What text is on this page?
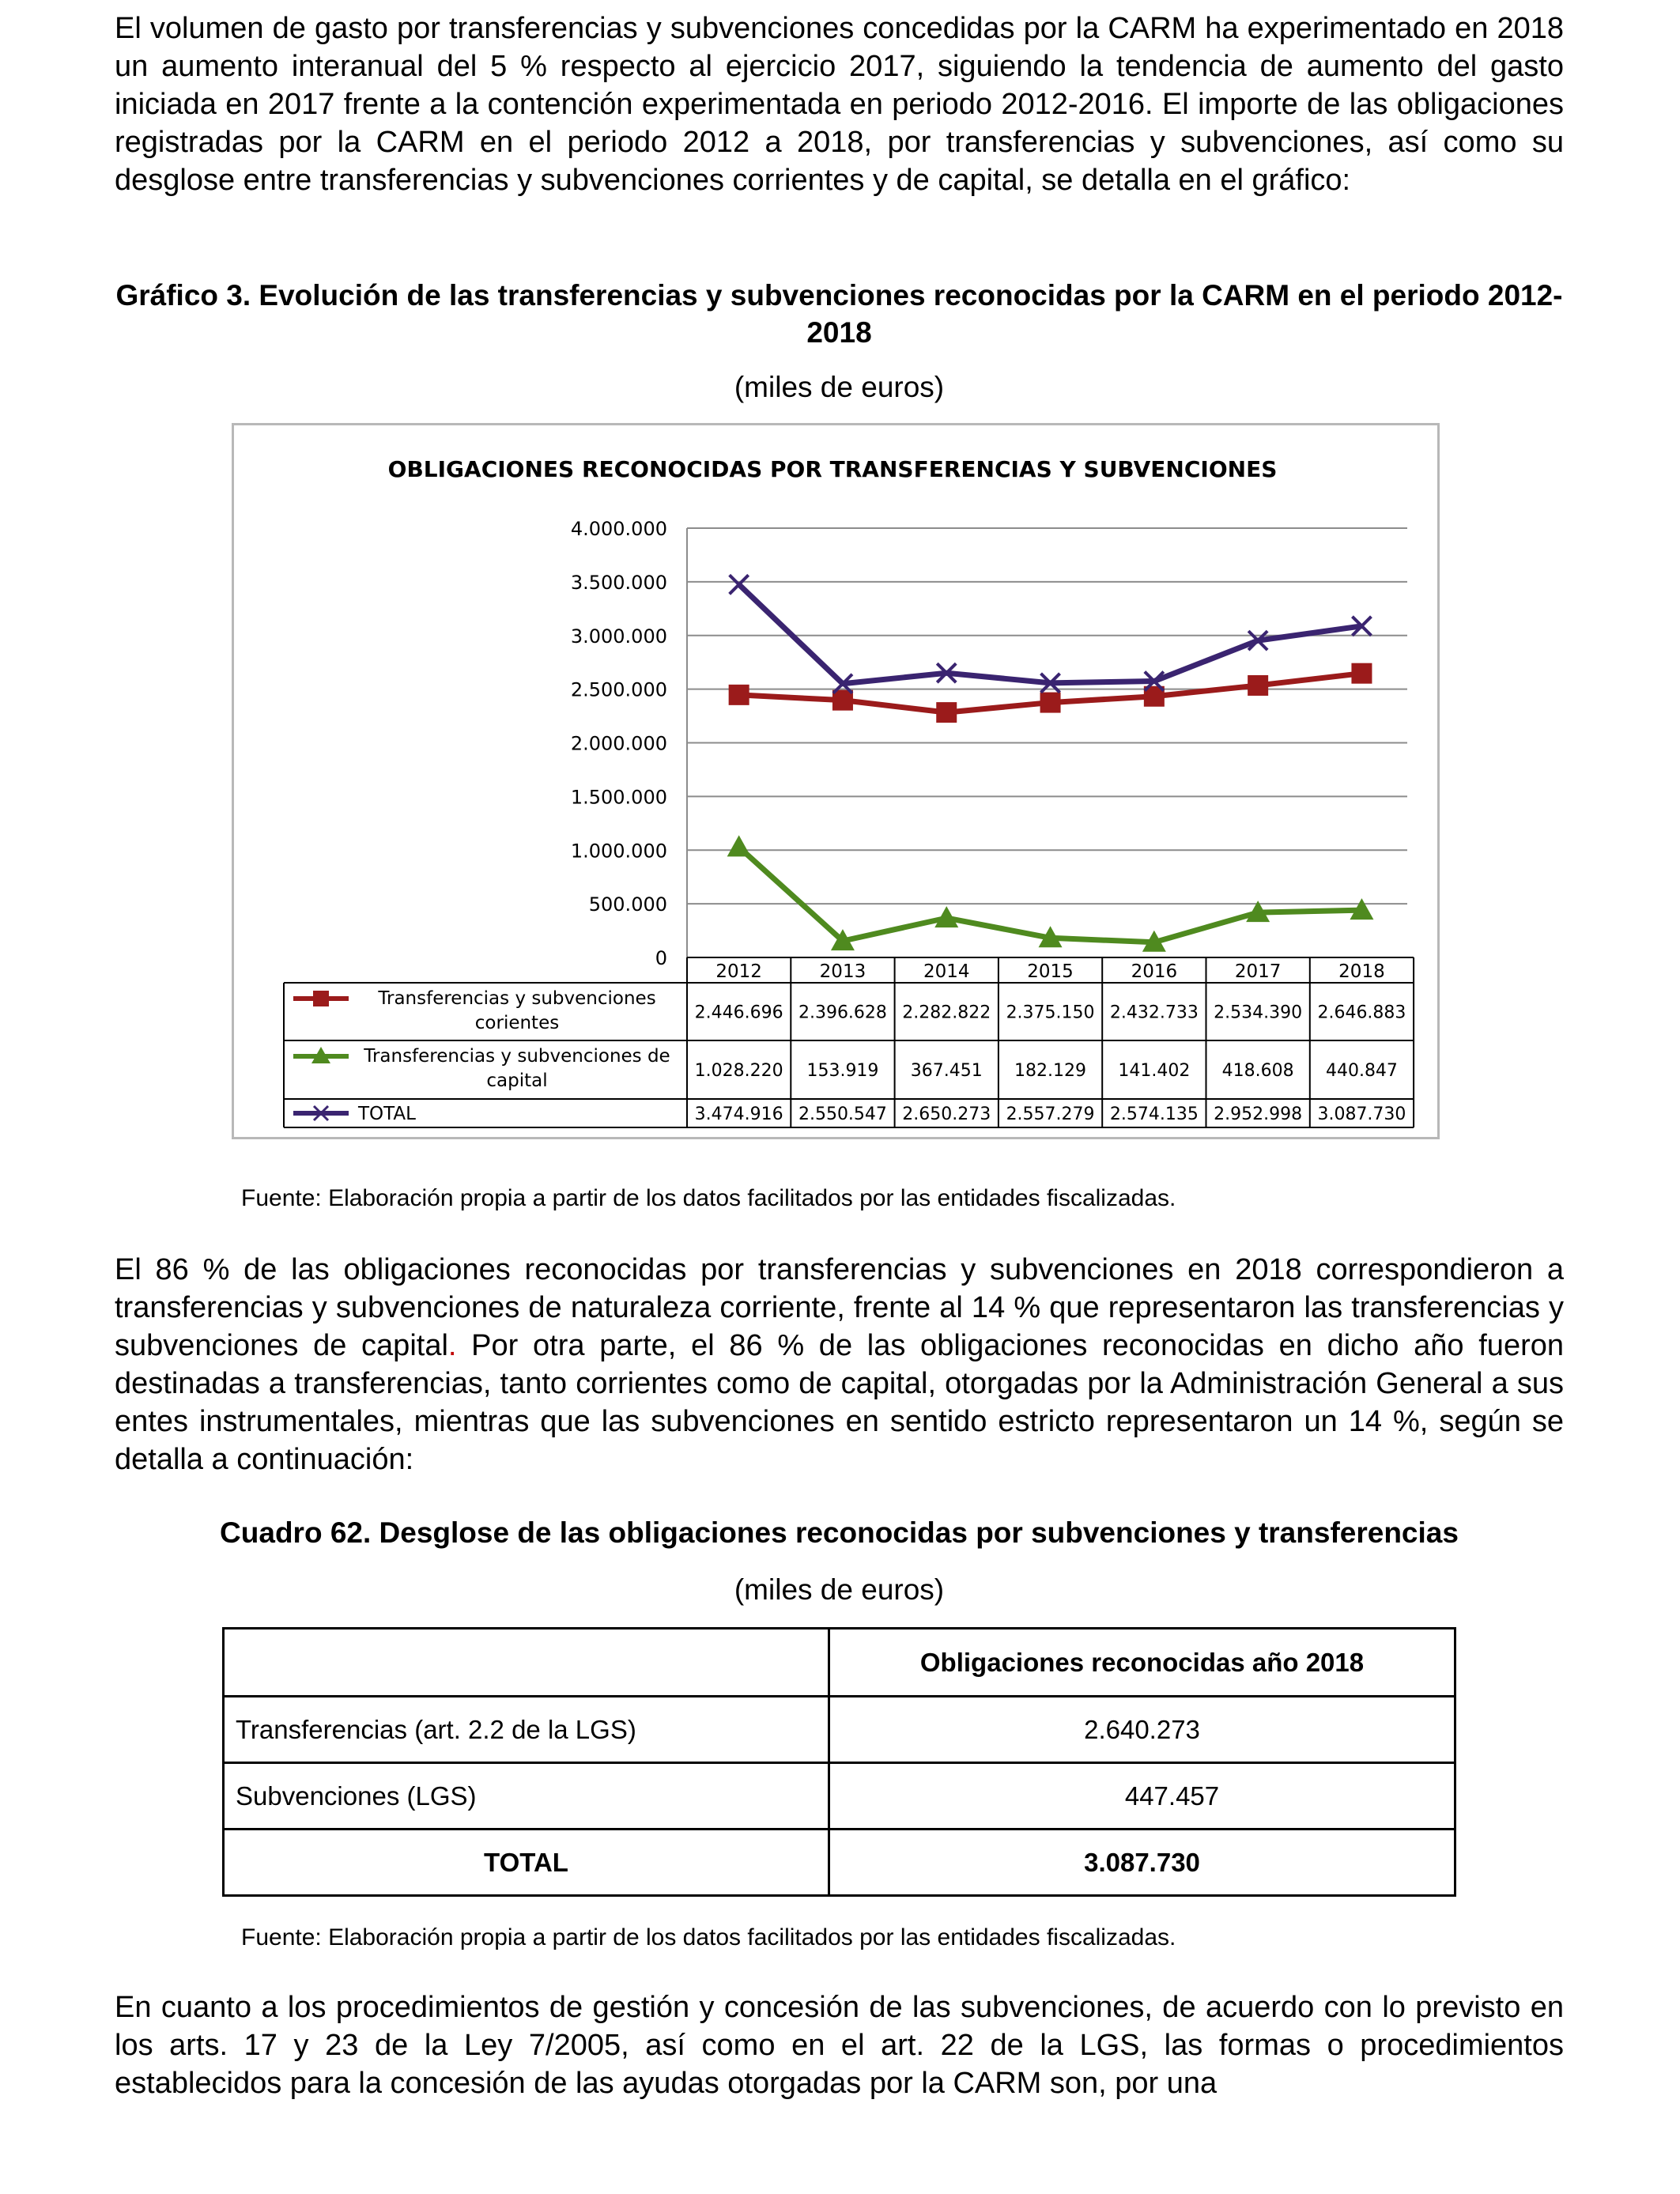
El volumen de gasto por transferencias y subvenciones concedidas por la CARM ha experimentado en 2018 un aumento interanual del 5 % respecto al ejercicio 2017, siguiendo la tendencia de aumento del gasto iniciada en 2017 frente a la contención experimentada en periodo 2012-2016. El importe de las obligaciones registradas por la CARM en el periodo 2012 a 2018, por transferencias y subvenciones, así como su desglose entre transferencias y subvenciones corrientes y de capital, se detalla en el gráfico:

Gráfico 3. Evolución de las transferencias y subvenciones reconocidas por la CARM en el periodo 2012-2018

(miles de euros)

OBLIGACIONES RECONOCIDAS POR TRANSFERENCIAS Y SUBVENCIONES
0
500.000
1.000.000
1.500.000
2.000.000
2.500.000
3.000.000
3.500.000
4.000.000
2012	2013	2014	2015	2016	2017	2018
Transferencias y subvenciones
corientes	2.446.696 2.396.628 2.282.822 2.375.150 2.432.733 2.534.390 2.646.883
Transferencias y subvenciones de
capital	1.028.220 153.919 367.451 182.129 141.402 418.608 440.847
TOTAL	3.474.916 2.550.547 2.650.273 2.557.279 2.574.135 2.952.998 3.087.730

Fuente: Elaboración propia a partir de los datos facilitados por las entidades fiscalizadas.

El 86 % de las obligaciones reconocidas por transferencias y subvenciones en 2018 correspondieron a transferencias y subvenciones de naturaleza corriente, frente al 14 % que representaron las transferencias y subvenciones de capital. Por otra parte, el 86 % de las obligaciones reconocidas en dicho año fueron destinadas a transferencias, tanto corrientes como de capital, otorgadas por la Administración General a sus entes instrumentales, mientras que las subvenciones en sentido estricto representaron un 14 %, según se detalla a continuación:

Cuadro 62. Desglose de las obligaciones reconocidas por subvenciones y transferencias

(miles de euros)

	Obligaciones reconocidas año 2018
Transferencias (art. 2.2 de la LGS)	2.640.273
Subvenciones (LGS)	447.457
TOTAL	3.087.730

Fuente: Elaboración propia a partir de los datos facilitados por las entidades fiscalizadas.

En cuanto a los procedimientos de gestión y concesión de las subvenciones, de acuerdo con lo previsto en los arts. 17 y 23 de la Ley 7/2005, así como en el art. 22 de la LGS, las formas o procedimientos establecidos para la concesión de las ayudas otorgadas por la CARM son, por una
